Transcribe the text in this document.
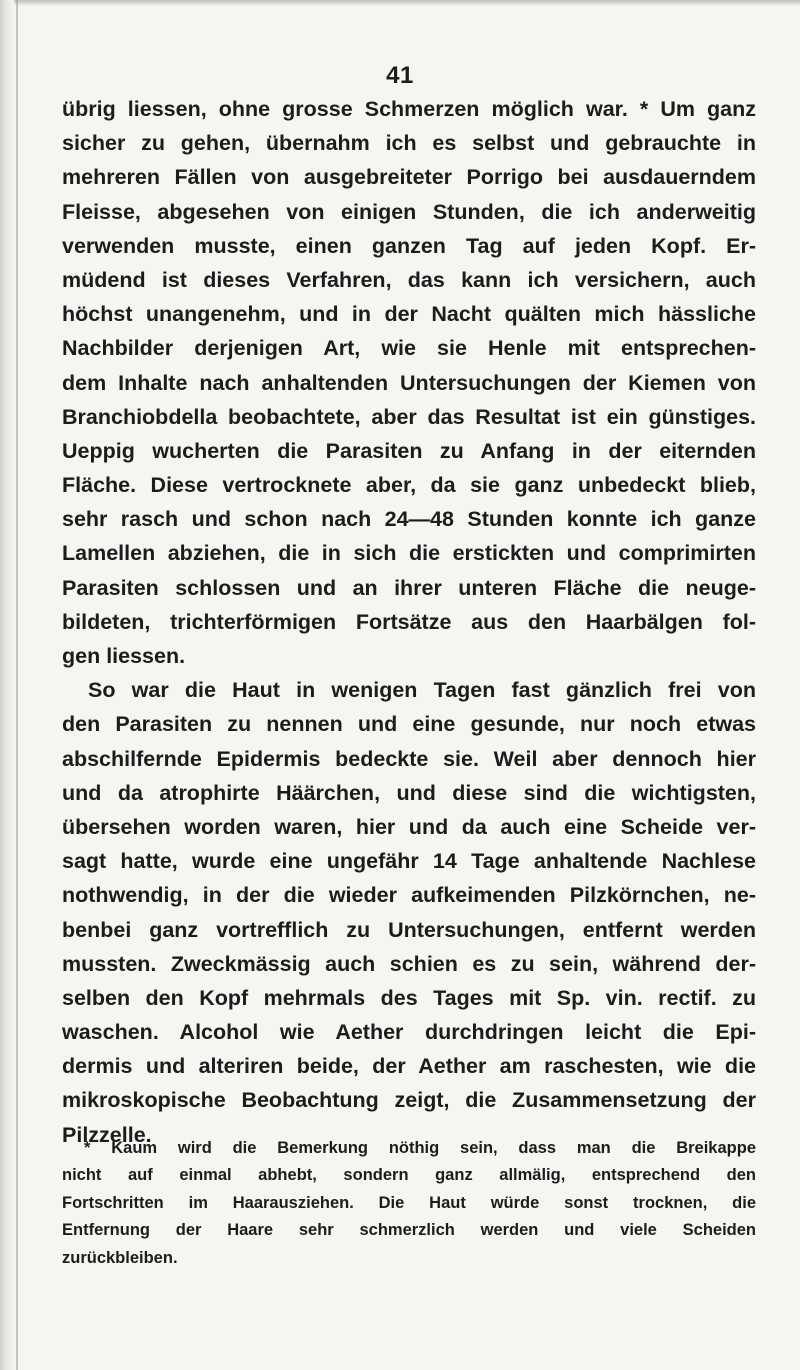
41
übrig liessen, ohne grosse Schmerzen möglich war. * Um ganz
sicher zu gehen, übernahm ich es selbst und gebrauchte in
mehreren Fällen von ausgebreiteter Porrigo bei ausdauerndem
Fleisse, abgesehen von einigen Stunden, die ich anderweitig
verwenden musste, einen ganzen Tag auf jeden Kopf. Er-
müdend ist dieses Verfahren, das kann ich versichern, auch
höchst unangenehm, und in der Nacht quälten mich hässliche
Nachbilder derjenigen Art, wie sie Henle mit entsprechen-
dem Inhalte nach anhaltenden Untersuchungen der Kiemen von
Branchiobdella beobachtete, aber das Resultat ist ein günstiges.
Ueppig wucherten die Parasiten zu Anfang in der eiternden
Fläche. Diese vertrocknete aber, da sie ganz unbedeckt blieb,
sehr rasch und schon nach 24—48 Stunden konnte ich ganze
Lamellen abziehen, die in sich die erstickten und comprimirten
Parasiten schlossen und an ihrer unteren Fläche die neuge-
bildeten, trichterförmigen Fortsätze aus den Haarbälgen fol-
gen liessen.
So war die Haut in wenigen Tagen fast gänzlich frei von
den Parasiten zu nennen und eine gesunde, nur noch etwas
abschilfernde Epidermis bedeckte sie. Weil aber dennoch hier
und da atrophirte Häärchen, und diese sind die wichtigsten,
übersehen worden waren, hier und da auch eine Scheide ver-
sagt hatte, wurde eine ungefähr 14 Tage anhaltende Nachlese
nothwendig, in der die wieder aufkeimenden Pilzkörnchen, ne-
benbei ganz vortrefflich zu Untersuchungen, entfernt werden
mussten. Zweckmässig auch schien es zu sein, während der-
selben den Kopf mehrmals des Tages mit Sp. vin. rectif. zu
waschen. Alcohol wie Aether durchdringen leicht die Epi-
dermis und alteriren beide, der Aether am raschesten, wie die
mikroskopische Beobachtung zeigt, die Zusammensetzung der
Pilzzelle.
* Kaum wird die Bemerkung nöthig sein, dass man die Breikappe
nicht auf einmal abhebt, sondern ganz allmälig, entsprechend den
Fortschritten im Haarausziehen. Die Haut würde sonst trocknen, die
Entfernung der Haare sehr schmerzlich werden und viele Scheiden
zurückbleiben.
